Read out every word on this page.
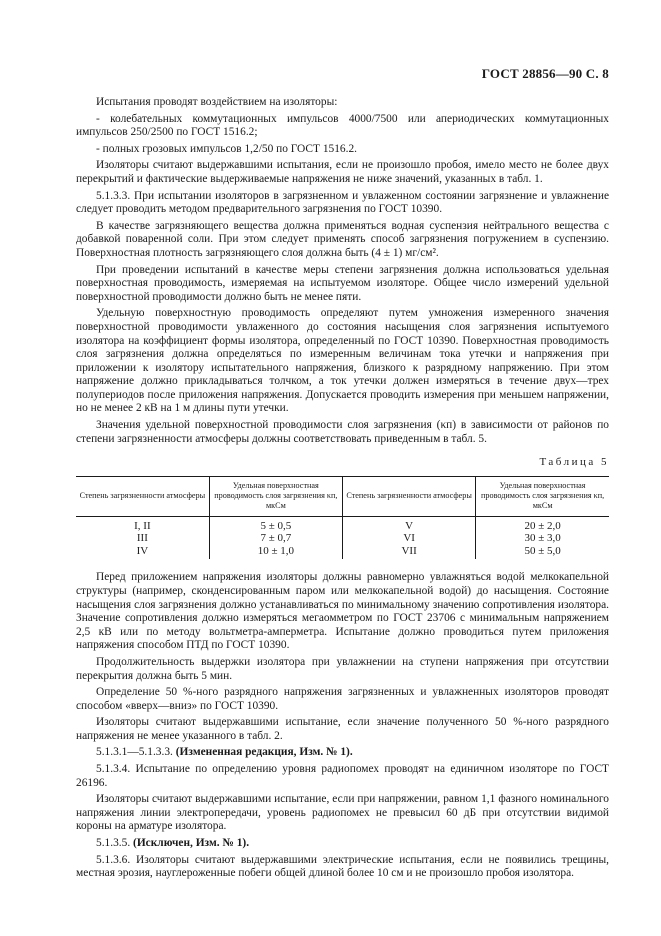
ГОСТ 28856—90 С. 8

Испытания проводят воздействием на изоляторы:

- колебательных коммутационных импульсов 4000/7500 или апериодических коммутационных импульсов 250/2500 по ГОСТ 1516.2;

- полных грозовых импульсов 1,2/50 по ГОСТ 1516.2.

Изоляторы считают выдержавшими испытания, если не произошло пробоя, имело место не более двух перекрытий и фактические выдерживаемые напряжения не ниже значений, указанных в табл. 1.

5.1.3.3. При испытании изоляторов в загрязненном и увлаженном состоянии загрязнение и увлажнение следует проводить методом предварительного загрязнения по ГОСТ 10390.

В качестве загрязняющего вещества должна применяться водная суспензия нейтрального вещества с добавкой поваренной соли. При этом следует применять способ загрязнения погружением в суспензию. Поверхностная плотность загрязняющего слоя должна быть (4 ± 1) мг/см².

При проведении испытаний в качестве меры степени загрязнения должна использоваться удельная поверхностная проводимость, измеряемая на испытуемом изоляторе. Общее число измерений удельной поверхностной проводимости должно быть не менее пяти.

Удельную поверхностную проводимость определяют путем умножения измеренного значения поверхностной проводимости увлаженного до состояния насыщения слоя загрязнения испытуемого изолятора на коэффициент формы изолятора, определенный по ГОСТ 10390. Поверхностная проводимость слоя загрязнения должна определяться по измеренным величинам тока утечки и напряжения при приложении к изолятору испытательного напряжения, близкого к разрядному напряжению. При этом напряжение должно прикладываться толчком, а ток утечки должен измеряться в течение двух—трех полупериодов после приложения напряжения. Допускается проводить измерения при меньшем напряжении, но не менее 2 кВ на 1 м длины пути утечки.

Значения удельной поверхностной проводимости слоя загрязнения (κп) в зависимости от районов по степени загрязненности атмосферы должны соответствовать приведенным в табл. 5.

Таблица 5
Степень загрязненности атмосферы	Удельная поверхностная проводимость слоя загрязнения κп, мкСм	Степень загрязненности атмосферы	Удельная поверхностная проводимость слоя загрязнения κп, мкСм
I, II	5 ± 0,5	V	20 ± 2,0
III	7 ± 0,7	VI	30 ± 3,0
IV	10 ± 1,0	VII	50 ± 5,0

Перед приложением напряжения изоляторы должны равномерно увлажняться водой мелкокапельной структуры (например, сконденсированным паром или мелкокапельной водой) до насыщения. Состояние насыщения слоя загрязнения должно устанавливаться по минимальному значению сопротивления изолятора. Значение сопротивления должно измеряться мегаомметром по ГОСТ 23706 с минимальным напряжением 2,5 кВ или по методу вольтметра-амперметра. Испытание должно проводиться путем приложения напряжения способом ПТД по ГОСТ 10390.

Продолжительность выдержки изолятора при увлажнении на ступени напряжения при отсутствии перекрытия должна быть 5 мин.

Определение 50 %-ного разрядного напряжения загрязненных и увлажненных изоляторов проводят способом «вверх—вниз» по ГОСТ 10390.

Изоляторы считают выдержавшими испытание, если значение полученного 50 %-ного разрядного напряжения не менее указанного в табл. 2.

5.1.3.1—5.1.3.3. (Измененная редакция, Изм. № 1).

5.1.3.4. Испытание по определению уровня радиопомех проводят на единичном изоляторе по ГОСТ 26196.

Изоляторы считают выдержавшими испытание, если при напряжении, равном 1,1 фазного номинального напряжения линии электропередачи, уровень радиопомех не превысил 60 дБ при отсутствии видимой короны на арматуре изолятора.

5.1.3.5. (Исключен, Изм. № 1).

5.1.3.6. Изоляторы считают выдержавшими электрические испытания, если не появились трещины, местная эрозия, науглероженные побеги общей длиной более 10 см и не произошло пробоя изолятора.
